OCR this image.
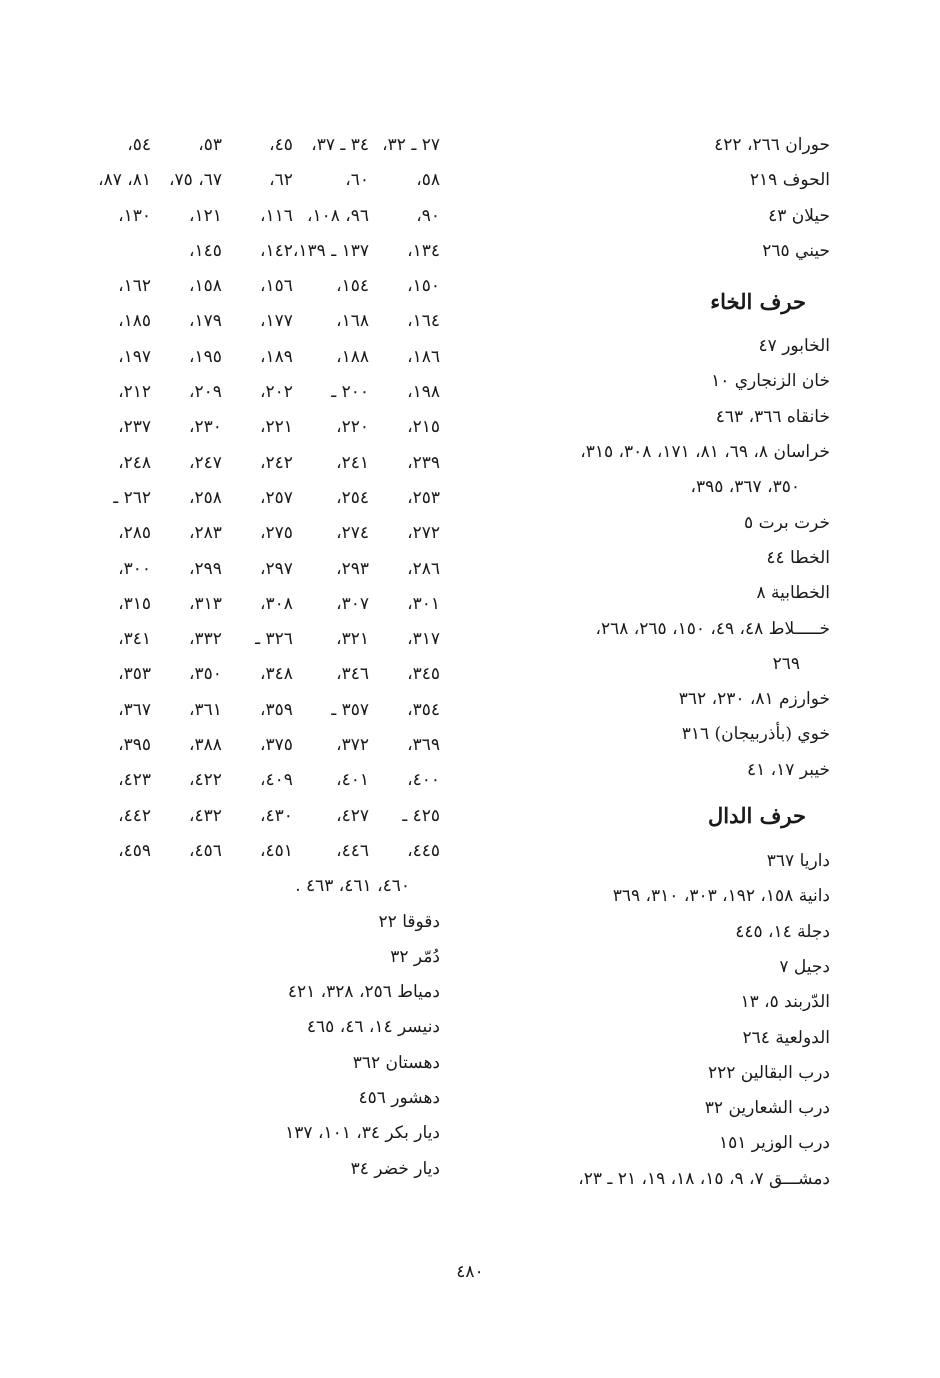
حوران ٢٦٦، ٤٢٢
الحوف ٢١٩
حيلان ٤٣
حيني ٢٦٥
حرف الخاء
الخابور ٤٧
خان الزنجاري ١٠
خانقاه ٣٦٦، ٤٦٣
خراسان ٨، ٦٩، ٨١، ١٧١، ٣٠٨، ٣١٥،
٣٥٠، ٣٦٧، ٣٩٥،
خرت برت ٥
الخطا ٤٤
الخطابية ٨
خـــــلاط ٤٨، ٤٩، ١٥٠، ٢٦٥، ٢٦٨،
٢٦٩
خوارزم ٨١، ٢٣٠، ٣٦٢
خوي (بأذربيجان) ٣١٦
خيبر ١٧، ٤١
حرف الدال
داريا ٣٦٧
دانية ١٥٨، ١٩٢، ٣٠٣، ٣١٠، ٣٦٩
دجلة ١٤، ٤٤٥
دجيل ٧
الدّربند ٥، ١٣
الدولعية ٢٦٤
درب البقالين ٢٢٢
درب الشعارين ٣٢
درب الوزير ١٥١
دمشـــق ٧، ٩، ١٥، ١٨، ١٩، ٢١ ـ ٢٣،
٢٧ ـ ٣٢،
٣٤ ـ ٣٧،
٤٥،
٥٣،
٥٤،
٥٨،
٦٠،
٦٢،
٦٧، ٧٥،
٨١، ٨٧،
٩٠،
٩٦، ١٠٨،
١١٦،
١٢١،
١٣٠،
١٣٤،
١٣٧ ـ ١٣٩،
١٤٢،
١٤٥،
١٥٠،
١٥٤،
١٥٦،
١٥٨،
١٦٢،
١٦٤،
١٦٨،
١٧٧،
١٧٩،
١٨٥،
١٨٦،
١٨٨،
١٨٩،
١٩٥،
١٩٧،
١٩٨،
٢٠٠ ـ
٢٠٢،
٢٠٩،
٢١٢،
٢١٥،
٢٢٠،
٢٢١،
٢٣٠،
٢٣٧،
٢٣٩،
٢٤١،
٢٤٢،
٢٤٧،
٢٤٨،
٢٥٣،
٢٥٤،
٢٥٧،
٢٥٨،
٢٦٢ ـ
٢٧٢،
٢٧٤،
٢٧٥،
٢٨٣،
٢٨٥،
٢٨٦،
٢٩٣،
٢٩٧،
٢٩٩،
٣٠٠،
٣٠١،
٣٠٧،
٣٠٨،
٣١٣،
٣١٥،
٣١٧،
٣٢١،
٣٢٦ ـ
٣٣٢،
٣٤١،
٣٤٥،
٣٤٦،
٣٤٨،
٣٥٠،
٣٥٣،
٣٥٤،
٣٥٧ ـ
٣٥٩،
٣٦١،
٣٦٧،
٣٦٩،
٣٧٢،
٣٧٥،
٣٨٨،
٣٩٥،
٤٠٠،
٤٠١،
٤٠٩،
٤٢٢،
٤٢٣،
٤٢٥ ـ
٤٢٧،
٤٣٠،
٤٣٢،
٤٤٢،
٤٤٥،
٤٤٦،
٤٥١،
٤٥٦،
٤٥٩،
٤٦٠، ٤٦١، ٤٦٣ .
دقوقا ٢٢
دُمّر ٣٢
دمياط ٢٥٦، ٣٢٨، ٤٢١
دنيسر ١٤، ٤٦، ٤٦٥
دهستان ٣٦٢
دهشور ٤٥٦
ديار بكر ٣٤، ١٠١، ١٣٧
ديار خضر ٣٤
٤٨٠
